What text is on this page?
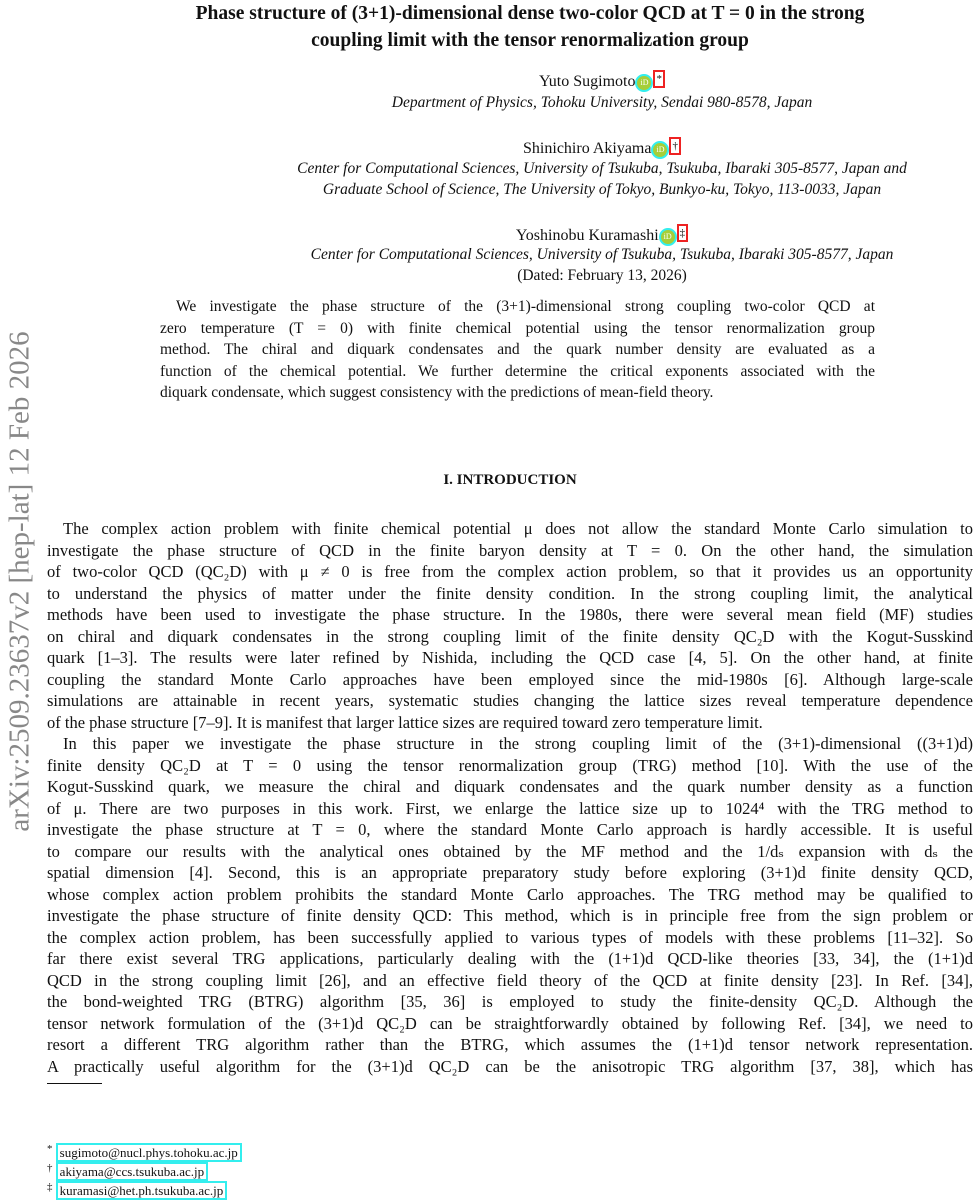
arXiv:2509.23637v2 [hep-lat] 12 Feb 2026
Phase structure of (3+1)-dimensional dense two-color QCD at T = 0 in the strong
coupling limit with the tensor renormalization group
Yuto Sugimoto iD *
Department of Physics, Tohoku University, Sendai 980-8578, Japan
Shinichiro Akiyama iD †
Center for Computational Sciences, University of Tsukuba, Tsukuba, Ibaraki 305-8577, Japan and
Graduate School of Science, The University of Tokyo, Bunkyo-ku, Tokyo, 113-0033, Japan
Yoshinobu Kuramashi iD ‡
Center for Computational Sciences, University of Tsukuba, Tsukuba, Ibaraki 305-8577, Japan
(Dated: February 13, 2026)
We investigate the phase structure of the (3+1)-dimensional strong coupling two-color QCD at
zero temperature (T = 0) with finite chemical potential using the tensor renormalization group
method. The chiral and diquark condensates and the quark number density are evaluated as a
function of the chemical potential. We further determine the critical exponents associated with the
diquark condensate, which suggest consistency with the predictions of mean-field theory.
I. INTRODUCTION
The complex action problem with finite chemical potential μ does not allow the standard Monte Carlo simulation to
investigate the phase structure of QCD in the finite baryon density at T = 0. On the other hand, the simulation
of two-color QCD (QC₂D) with μ ≠ 0 is free from the complex action problem, so that it provides us an opportunity
to understand the physics of matter under the finite density condition. In the strong coupling limit, the analytical
methods have been used to investigate the phase structure. In the 1980s, there were several mean field (MF) studies
on chiral and diquark condensates in the strong coupling limit of the finite density QC₂D with the Kogut-Susskind
quark [1–3]. The results were later refined by Nishida, including the QCD case [4, 5]. On the other hand, at finite
coupling the standard Monte Carlo approaches have been employed since the mid-1980s [6]. Although large-scale
simulations are attainable in recent years, systematic studies changing the lattice sizes reveal temperature dependence
of the phase structure [7–9]. It is manifest that larger lattice sizes are required toward zero temperature limit.
In this paper we investigate the phase structure in the strong coupling limit of the (3+1)-dimensional ((3+1)d)
finite density QC₂D at T = 0 using the tensor renormalization group (TRG) method [10]. With the use of the
Kogut-Susskind quark, we measure the chiral and diquark condensates and the quark number density as a function
of μ. There are two purposes in this work. First, we enlarge the lattice size up to 1024⁴ with the TRG method to
investigate the phase structure at T = 0, where the standard Monte Carlo approach is hardly accessible. It is useful
to compare our results with the analytical ones obtained by the MF method and the 1/dₛ expansion with dₛ the
spatial dimension [4]. Second, this is an appropriate preparatory study before exploring (3+1)d finite density QCD,
whose complex action problem prohibits the standard Monte Carlo approaches. The TRG method may be qualified to
investigate the phase structure of finite density QCD: This method, which is in principle free from the sign problem or
the complex action problem, has been successfully applied to various types of models with these problems [11–32]. So
far there exist several TRG applications, particularly dealing with the (1+1)d QCD-like theories [33, 34], the (1+1)d
QCD in the strong coupling limit [26], and an effective field theory of the QCD at finite density [23]. In Ref. [34],
the bond-weighted TRG (BTRG) algorithm [35, 36] is employed to study the finite-density QC₂D. Although the
tensor network formulation of the (3+1)d QC₂D can be straightforwardly obtained by following Ref. [34], we need to
resort a different TRG algorithm rather than the BTRG, which assumes the (1+1)d tensor network representation.
A practically useful algorithm for the (3+1)d QC₂D can be the anisotropic TRG algorithm [37, 38], which has
* sugimoto@nucl.phys.tohoku.ac.jp
† akiyama@ccs.tsukuba.ac.jp
‡ kuramasi@het.ph.tsukuba.ac.jp
